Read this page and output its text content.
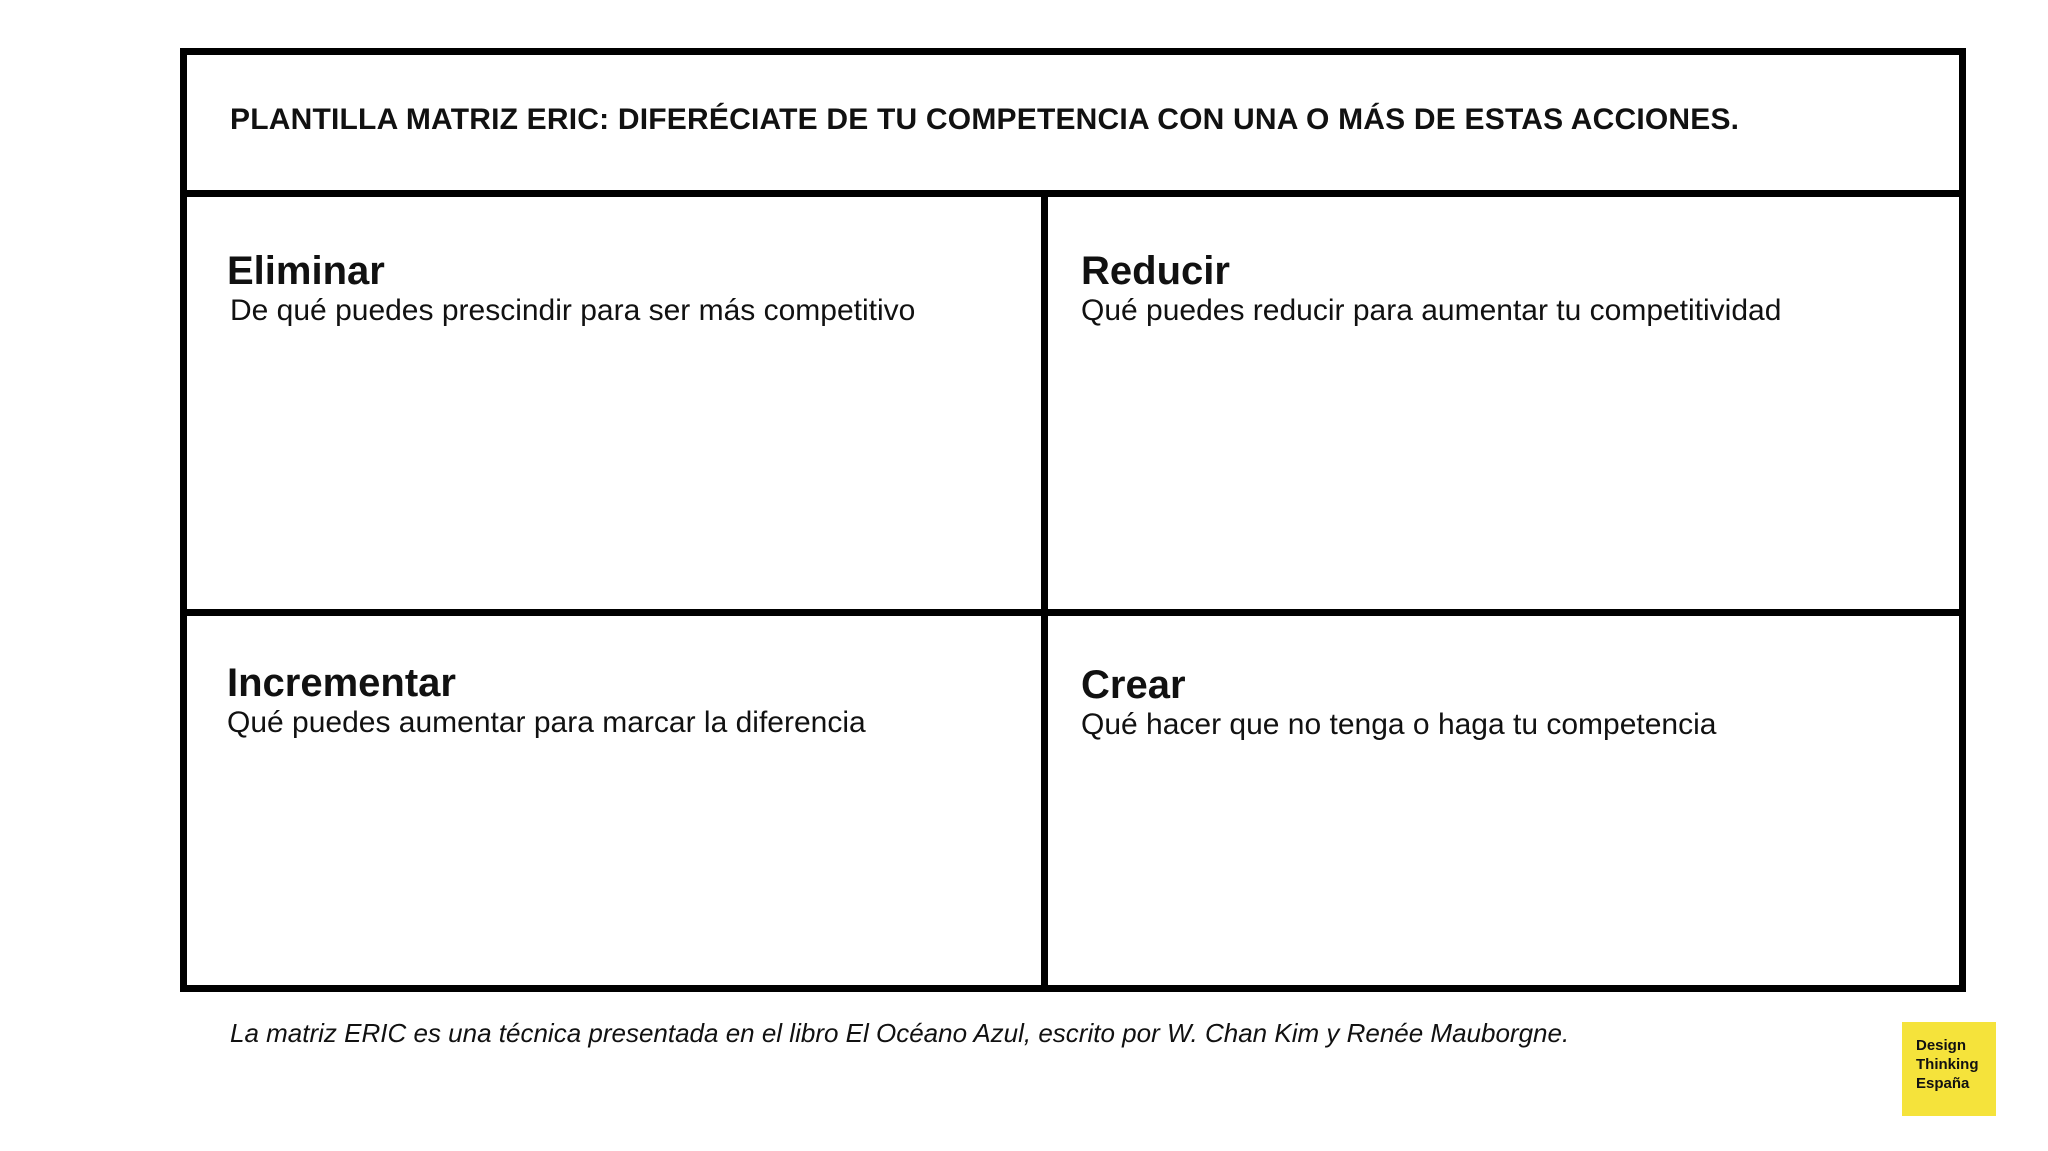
PLANTILLA MATRIZ ERIC: DIFERÉCIATE DE TU COMPETENCIA CON UNA O MÁS DE ESTAS ACCIONES.
Eliminar
De qué puedes prescindir para ser más competitivo
Reducir
Qué puedes reducir para aumentar tu competitividad
Incrementar
Qué puedes aumentar para marcar la diferencia
Crear
Qué hacer que no tenga o haga tu competencia
La matriz ERIC es una técnica presentada en el libro El Océano Azul, escrito por W. Chan Kim y Renée Mauborgne.	Design
Thinking
España
